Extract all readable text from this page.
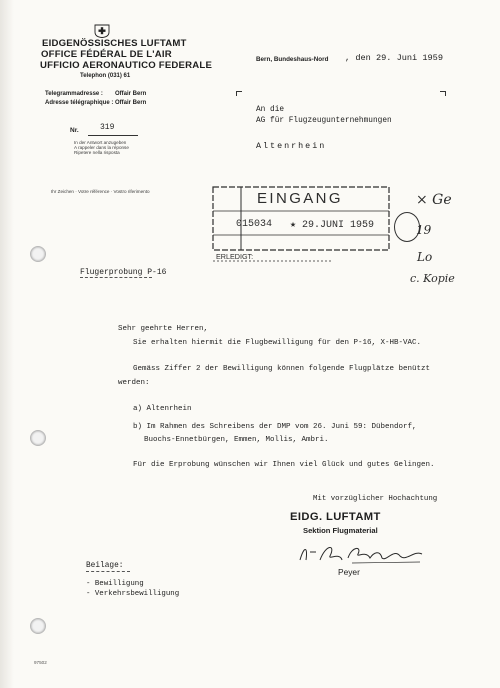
EIDGENÖSSISCHES LUFTAMT
OFFICE FÉDÉRAL DE L'AIR
UFFICIO AERONAUTICO FEDERALE
Telephon (031) 61
Telegrammadresse : Offair Bern
Adresse télégraphique : Offair Bern
Nr.	319
In der Antwort anzugeben
A rappeler dans la réponse
Ripetere nella risposta
Ihr Zeichen · Votre référence · Vostro riferimento
Bern, Bundeshaus-Nord , den 29. Juni 1959
An die
AG für Flugzeugunternehmungen
Altenrhein
EINGANG
015034 ★ 29.JUNI 1959
ERLEDIGT:
× Ge
19
Lo
c. Kopie
Flugerprobung P-16
Sehr geehrte Herren,
Sie erhalten hiermit die Flugbewilligung für den P-16, X-HB-VAC.
Gemäss Ziffer 2 der Bewilligung können folgende Flugplätze benützt
werden:
a) Altenrhein
b) Im Rahmen des Schreibens der DMP vom 26. Juni 59: Dübendorf,
Buochs-Ennetbürgen, Emmen, Mollis, Ambri.
Für die Erprobung wünschen wir Ihnen viel Glück und gutes Gelingen.
Mit vorzüglicher Hochachtung
EIDG. LUFTAMT
Sektion Flugmaterial
Peyer
Beilage:
- Bewilligung
- Verkehrsbewilligung
97502
